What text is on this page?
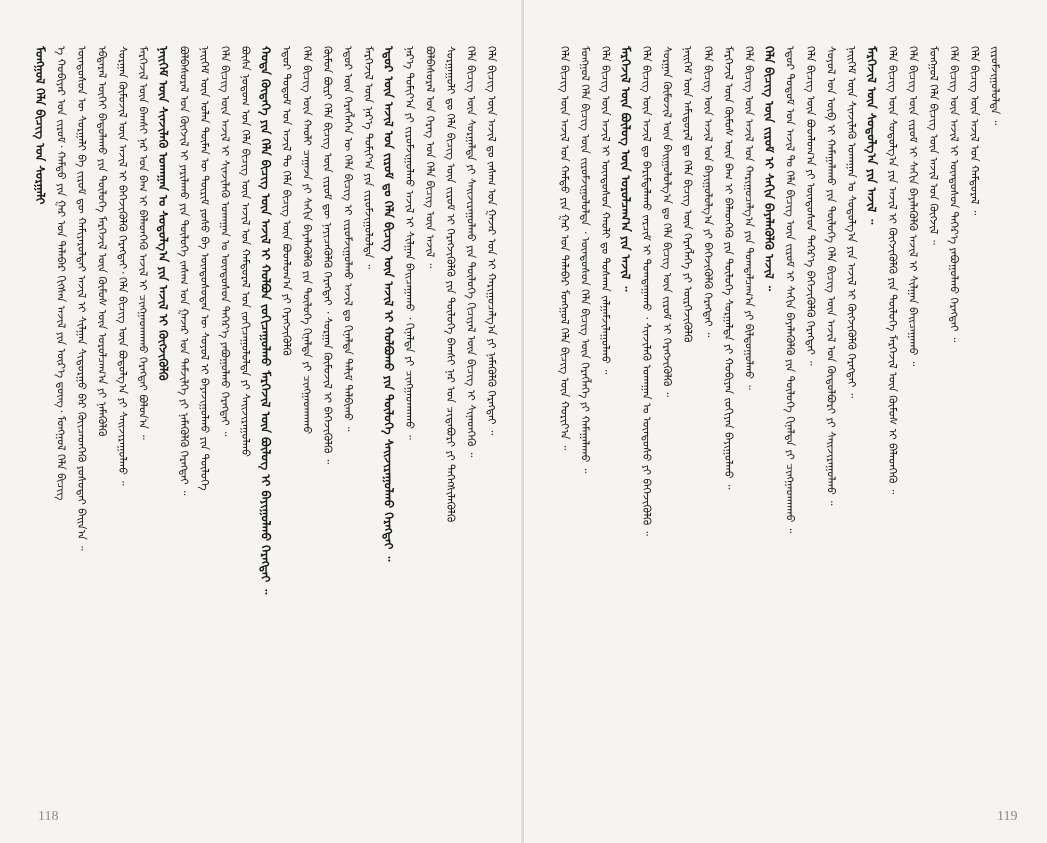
ᠮᠣᠩᠭᠣᠯ ᠬᠡᠯᠡ ᠪᠢᠴᠢᠭ᠌ ᠤᠨ ᠰᠤᠷᠭᠠᠯᠢ ᠡ ᠬᠤᠪᠢᠶᠠᠷ ᠤᠨ ᠵᠢᠷᠤᠮ᠂ ᠬᠠᠮᠲᠤ ᠶᠢᠨ ᠭᠠᠷ ᠤᠨ ᠲᠠᠯᠠᠪᠠᠷ ᠬᠢᠭᠰᠡᠨ ᠠᠵᠢᠯ ᠶᠢᠨ ᠦᠷ᠎ᠡ ᠳ᠋ᠦᠩ᠂ ᠮᠣᠩᠭᠣᠯ ᠬᠡᠯᠡ ᠪᠢᠴᠢᠭ ᠦᠨᠳᠦᠰᠦᠨ ᠦ ᠰᠤᠷᠭᠠᠯᠢ ᠪᠠ ᠵᠢᠷᠤᠮ ᠳᠦ ᠬᠠᠮᠢᠶᠠᠷᠤᠯᠲᠠᠢ ᠠᠵᠢᠯ ᠢ ᠰᠢᠯᠭᠠᠨ ᠰᠢᠳᠤᠷᠭᠤ ᠪᠡᠷ ᠭᠦᠢᠴᠡᠳᠬᠡᠬᠦ ᠶᠣᠰᠤᠲᠠᠢ ᠪᠠᠢᠨ᠎ᠠ ᠃ ᠡᠪᠳᠡᠷᠡᠯ ᠦᠭᠡᠢ ᠪᠠᠲᠤᠯᠠᠬᠤ ᠶᠢᠨ ᠲᠥᠯᠥᠭᠡ ᠮᠡᠷᠭᠡᠵᠢᠯ ᠦᠨ ᠬᠦᠮᠦᠰ ᠦᠨ ᠣᠷᠤᠯᠴᠠᠭ᠎ᠠ ᠶᠢ ᠨᠡᠮᠡᠭᠦᠯᠬᠦ ᠰᠤᠷᠭᠠᠨ ᠬᠦᠮᠦᠵᠢᠯ ᠦᠨ ᠠᠵᠢᠯ ᠢ ᠪᠡᠬᠡᠵᠢᠭᠦᠯᠬᠦ ᠬᠡᠷᠡᠭᠲᠡᠢ᠂ ᠬᠡᠯᠡ ᠪᠢᠴᠢᠭ ᠦᠨ ᠪᠤᠳᠤᠯᠭ᠎ᠠ ᠶᠢ ᠰᠠᠢᠵᠢᠷᠠᠭᠤᠯᠬᠤ ᠃ ᠮᠡᠷᠭᠡᠵᠢᠯ ᠦᠨ ᠪᠠᠭᠰᠢ ᠨᠠᠷ ᠤᠨ ᠪᠠᠭ ᠢ ᠪᠡᠯᠡᠳᠬᠡᠬᠦ ᠠᠵᠢᠯ ᠢ ᠴᠢᠩᠭᠠᠳᠬᠠᠬᠤ ᠬᠡᠷᠡᠭᠲᠡᠢ ᠪᠣᠯᠤᠨ᠎ᠠ ᠃ ᠨᠡᠢᠭᠡᠮ ᠦᠨ ᠰᠢᠨᠵᠢᠯᠡᠬᠦ ᠤᠬᠠᠭᠠᠨ ᠤ ᠰᠤᠳᠤᠯᠭ᠎ᠠ ᠶᠢᠨ ᠠᠵᠢᠯ ᠢ ᠬᠥᠭᠵᠢᠭᠦᠯᠬᠦ ᠪᠣᠯᠪᠠᠰᠤᠷᠠᠯ ᠤᠨ ᠬᠥᠭᠵᠢᠯ ᠢ ᠶᠠᠷᠢᠯᠠᠬᠤ ᠶᠢᠨ ᠲᠥᠯᠥᠭᠡ ᠵᠠᠰᠠᠭ ᠤᠨ ᠭᠠᠵᠠᠷ ᠤᠨ ᠳᠡᠮᠵᠢᠯᠭᠡ ᠶᠢ ᠨᠡᠮᠡᠭᠦᠯᠬᠦ ᠬᠡᠷᠡᠭᠲᠡᠢ ᠃ ᠨᠡᠢᠭᠡᠮ ᠦᠨ ᠣᠯᠠᠨ ᠲᠦᠮᠡᠨ ᠦ ᠳᠦᠷᠢᠮ ᠶᠣᠰᠤ ᠪᠠ ᠦᠨᠳᠦᠰᠦᠲᠡᠨ ᠦ ᠰᠣᠶᠣᠯ ᠢ ᠪᠠᠶᠠᠵᠢᠭᠤᠯᠬᠤ ᠶᠢᠨ ᠲᠥᠯᠥᠭᠡ ᠬᠡᠯᠡ ᠪᠢᠴᠢᠭ ᠦᠨ ᠠᠵᠢᠯ ᠢ ᠰᠢᠨᠵᠢᠯᠡᠬᠦ ᠤᠬᠠᠭᠠᠨ ᠤ ᠦᠨᠳᠦᠰᠦᠨ ᠳᠡᠭᠡᠷ᠎ᠡ ᠶᠠᠪᠤᠭᠤᠯᠬᠤ ᠬᠡᠷᠡᠭᠲᠡᠢ ᠃ ᠪᠦᠰᠡ ᠨᠤᠲᠤᠭ ᠤᠨ ᠬᠡᠯᠡ ᠪᠢᠴᠢᠭ ᠦᠨ ᠠᠵᠢᠯ ᠤᠨ ᠬᠠᠮᠲᠤᠷᠠᠯ ᠤᠨ ᠵᠣᠬᠢᠴᠠᠭᠤᠯᠤᠯᠲᠠ ᠶᠢ ᠰᠠᠢᠵᠢᠷᠠᠭᠤᠯᠬᠤ ᠬᠣᠲᠠ ᠬᠦᠳᠡᠭᠡ ᠶᠢᠨ ᠬᠡᠯᠡ ᠪᠢᠴᠢᠭ ᠦᠨ ᠠᠵᠢᠯ ᠢ ᠬᠣᠯᠪᠣᠨ ᠵᠣᠬᠢᠴᠠᠭᠤᠯᠬᠤ ᠮᠡᠷᠭᠡᠵᠢᠯ ᠦᠨ ᠪᠦᠯᠦᠭ ᠢ ᠪᠠᠶᠢᠭᠤᠯᠬᠤ ᠬᠡᠷᠡᠭᠲᠡᠢ ᠃ ᠡᠳ᠋ᠦᠷ ᠲᠤᠲᠤᠮ ᠤᠨ ᠠᠵᠢᠯ ᠲᠤ ᠬᠡᠯᠡ ᠪᠢᠴᠢᠭ ᠦᠨ ᠪᠣᠳᠯᠣᠭ᠎ᠠ ᠶᠢ ᠬᠡᠷᠡᠭᠵᠢᠭᠦᠯᠬᠦ ᠬᠡᠯᠡ ᠪᠢᠴᠢᠭ ᠦᠨ ᠬᠠᠤᠯᠢ ᠴᠠᠭᠠᠵᠠ ᠶᠢ ᠰᠠᠬᠢᠨ ᠪᠡᠶᠡᠯᠡᠭᠦᠯᠬᠦ ᠶᠢᠨ ᠲᠥᠯᠥᠭᠡ ᠬᠢᠨᠠᠯᠲᠠ ᠶᠢ ᠴᠢᠩᠭᠠᠳᠬᠠᠬᠤ ᠬᠦᠮᠦᠨ ᠪᠦᠷᠢ ᠬᠡᠯᠡ ᠪᠢᠴᠢᠭ ᠦᠨ ᠵᠢᠷᠤᠮ ᠳᠦ ᠨᠡᠶᠢᠴᠡᠭᠦᠯᠬᠦ ᠬᠡᠷᠡᠭᠲᠡᠢ ᠂ ᠰᠤᠷᠭᠠᠨ ᠬᠦᠮᠦᠵᠢᠯ ᠢ ᠪᠡᠬᠡᠵᠢᠭᠦᠯᠬᠦ ᠃ ᠡᠳ᠋ᠦᠷ ᠦᠨ ᠬᠡᠷᠡᠭᠯᠡᠭᠡᠨ ᠦ ᠬᠡᠯᠡ ᠪᠢᠴᠢᠭ ᠢ ᠵᠢᠷᠤᠮᠵᠢᠭᠤᠯᠬᠤ ᠠᠵᠢᠯ ᠳᠤ ᠬᠢᠨᠠᠯᠲᠠ ᠳᠠᠯᠢᠮ ᠲᠠᠯᠪᠢᠬᠤ ᠃ ᠮᠡᠷᠭᠡᠵᠢᠯ ᠦᠨ ᠨᠡᠷ᠎ᠡ ᠲᠣᠮᠢᠶ᠎ᠠ ᠶᠢᠨ ᠵᠢᠷᠤᠮᠵᠢᠭᠤᠯᠤᠯᠲᠠ ᠃ ᠡᠳ᠋ᠦᠷ ᠦᠨ ᠠᠵᠢᠯ ᠤᠨ ᠵᠢᠷᠤᠮ ᠳᠤ ᠬᠡᠯᠡ ᠪᠢᠴᠢᠭ ᠦᠨ ᠠᠵᠢᠯ ᠢ ᠬᠣᠯᠪᠣᠬᠤ ᠶᠢᠨ ᠲᠥᠯᠥᠭᠡ ᠰᠠᠢᠵᠢᠷᠠᠭᠤᠯᠬᠤ ᠬᠡᠷᠡᠭᠲᠡᠢ ᠃ ᠨᠡᠷ᠎ᠡ ᠲᠣᠮᠢᠶ᠎ᠠ ᠶᠢ ᠵᠢᠷᠤᠮᠵᠢᠭᠤᠯᠬᠤ ᠠᠵᠢᠯ ᠢ ᠰᠢᠯᠭᠠᠨ ᠪᠠᠢᠴᠠᠭᠠᠬᠤ ᠂ ᠬᠢᠨᠠᠯᠲᠠ ᠶᠢ ᠴᠢᠩᠭᠠᠳᠬᠠᠬᠤ ᠃ ᠪᠣᠯᠪᠠᠰᠤᠷᠠᠯ ᠤᠨ ᠬᠡᠷᠡᠭ ᠤᠨ ᠬᠡᠯᠡ ᠪᠢᠴᠢᠭ ᠦᠨ ᠠᠵᠢᠯ ᠃ ᠰᠤᠷᠭᠠᠭᠤᠯᠢ ᠳᠤ ᠬᠡᠯᠡ ᠪᠢᠴᠢᠭ ᠦᠨ ᠵᠢᠷᠤᠮ ᠢ ᠬᠡᠷᠡᠭᠵᠢᠭᠦᠯᠬᠦ ᠶᠢᠨ ᠲᠥᠯᠥᠭᠡ ᠪᠠᠭᠰᠢ ᠨᠠᠷ ᠤᠨ ᠴᠢᠳᠠᠪᠤᠷᠢ ᠶᠢ ᠳᠡᠭᠡᠭᠰᠢᠯᠡᠭᠦᠯᠬᠦ ᠬᠡᠯᠡ ᠪᠢᠴᠢᠭ ᠦᠨ ᠰᠤᠷᠭᠠᠯᠲᠠ ᠶᠢ ᠰᠠᠢᠵᠢᠷᠠᠭᠤᠯᠬᠤ ᠶᠢᠨ ᠲᠥᠯᠥᠭᠡ ᠬᠢᠴᠢᠶᠡᠯ ᠦᠨ ᠪᠢᠴᠢᠭ ᠢ ᠰᠢᠨᠡᠳᠬᠡᠬᠦ ᠃ ᠬᠡᠯᠡ ᠪᠢᠴᠢᠭ ᠦᠨ ᠠᠵᠢᠯ ᠳᠤ ᠵᠠᠰᠠᠭ ᠤᠨ ᠭᠠᠵᠠᠷ ᠤᠨ ᠢ ᠬᠠᠷᠢᠭᠤᠴᠠᠯᠭ᠎ᠠ ᠶᠢ ᠨᠡᠮᠡᠭᠦᠯᠬᠦ ᠬᠡᠷᠡᠭᠲᠡᠢ ᠃
118
ᠬᠡᠯᠡ ᠪᠢᠴᠢᠭ ᠦᠨ ᠠᠵᠢᠯ ᠤᠨ ᠬᠠᠮᠲᠤ ᠶᠢᠨ ᠭᠠᠷ ᠤᠨ ᠲᠠᠯᠠᠪᠠᠷ ᠮᠣᠩᠭᠣᠯ ᠬᠡᠯᠡ ᠪᠢᠴᠢᠭ ᠦᠨ ᠬᠣᠷᠢᠶ᠎ᠠ ᠃ ᠮᠣᠩᠭᠣᠯ ᠬᠡᠯᠡ ᠪᠢᠴᠢᠭ ᠦᠨ ᠵᠢᠷᠤᠮᠵᠢᠭᠤᠯᠤᠯᠲᠠ ᠂ ᠦᠨᠳᠦᠰᠦᠨ ᠬᠡᠯᠡ ᠪᠢᠴᠢᠭ ᠦᠨ ᠬᠡᠷᠡᠭᠯᠡᠭᠡ ᠶᠢ ᠬᠠᠮᠠᠭᠠᠯᠠᠬᠤ ᠃ ᠬᠡᠯᠡ ᠪᠢᠴᠢᠭ ᠦᠨ ᠠᠵᠢᠯ ᠢ ᠦᠨᠳᠦᠰᠦᠨ ᠬᠠᠤᠯᠢ ᠳᠤ ᠲᠤᠰᠬᠠᠨ ᠵᠠᠯᠭᠠᠮᠵᠢᠯᠠᠭᠤᠯᠬᠤ ᠃ ᠮᠡᠷᠭᠡᠵᠢᠯ ᠦᠨ ᠪᠦᠯᠦᠭ ᠦᠨ ᠣᠷᠤᠯᠴᠠᠭ᠎ᠠ ᠶᠢᠨ ᠠᠵᠢᠯ ᠃ ᠬᠡᠯᠡ ᠪᠢᠴᠢᠭ ᠦᠨ ᠠᠵᠢᠯ ᠳᠤ ᠪᠠᠷᠢᠮᠲᠠᠯᠠᠬᠤ ᠵᠠᠷᠴᠢᠮ ᠢ ᠲᠣᠭᠲᠠᠭᠠᠬᠤ ᠂ ᠰᠢᠨᠵᠢᠯᠡᠬᠦ ᠤᠬᠠᠭᠠᠨ ᠤ ᠦᠨᠳᠦᠰᠦ ᠶᠢ ᠪᠡᠬᠡᠵᠢᠭᠦᠯᠬᠦ ᠃ ᠰᠤᠷᠭᠠᠨ ᠬᠦᠮᠦᠵᠢᠯ ᠦᠨ ᠪᠠᠢᠭᠤᠯᠤᠯᠭ᠎ᠠ ᠳᠤ ᠬᠡᠯᠡ ᠪᠢᠴᠢᠭ ᠦᠨ ᠵᠢᠷᠤᠮ ᠢ ᠬᠡᠷᠡᠭᠵᠢᠭᠦᠯᠬᠦ ᠃ ᠨᠡᠢᠭᠡᠮ ᠦᠨ ᠠᠮᠢᠳᠤᠷᠠᠯ ᠳᠤ ᠬᠡᠯᠡ ᠪᠢᠴᠢᠭ ᠦᠨ ᠬᠡᠷᠡᠭᠯᠡᠭᠡ ᠶᠢ ᠥᠷᠭᠡᠵᠢᠭᠦᠯᠬᠦ ᠬᠡᠯᠡ ᠪᠢᠴᠢᠭ ᠦᠨ ᠠᠵᠢᠯ ᠤᠨ ᠪᠠᠶᠢᠭᠤᠯᠤᠯᠭ᠎ᠠ ᠶᠢ ᠪᠡᠬᠡᠵᠢᠭᠦᠯᠬᠦ ᠬᠡᠷᠡᠭᠲᠡᠢ ᠃ ᠮᠡᠷᠭᠡᠵᠢᠯ ᠦᠨ ᠬᠦᠮᠦᠰ ᠦᠨ ᠪᠠᠭ ᠢ ᠪᠡᠯᠡᠳᠬᠡᠬᠦ ᠶᠢᠨ ᠲᠥᠯᠥᠭᠡ ᠰᠤᠷᠭᠠᠯᠲᠠ ᠶᠢ ᠬᠤᠪᠢᠶᠠᠨ ᠵᠣᠬᠢᠶᠠᠨ ᠪᠠᠶᠢᠭᠤᠯᠬᠤ ᠃ ᠬᠡᠯᠡ ᠪᠢᠴᠢᠭ ᠦᠨ ᠠᠵᠢᠯ ᠤᠨ ᠬᠠᠷᠢᠭᠤᠴᠠᠯᠭ᠎ᠠ ᠶᠢᠨ ᠲᠣᠭᠲᠠᠯᠴᠠᠭ᠎ᠠ ᠶᠢ ᠪᠢᠯᠳᠤᠭᠤᠯᠬᠤ ᠃ ᠬᠡᠯᠡ ᠪᠢᠴᠢᠭ ᠦᠨ ᠵᠢᠷᠤᠮ ᠢ ᠰᠠᠬᠢᠨ ᠪᠡᠶᠡᠯᠡᠭᠦᠯᠬᠦ ᠠᠵᠢᠯ ᠃ ᠡᠳ᠋ᠦᠷ ᠲᠤᠲᠤᠮ ᠤᠨ ᠠᠵᠢᠯ ᠲᠤ ᠬᠡᠯᠡ ᠪᠢᠴᠢᠭ ᠦᠨ ᠵᠢᠷᠤᠮ ᠢ ᠰᠠᠬᠢᠨ ᠪᠡᠶᠡᠯᠡᠭᠦᠯᠬᠦ ᠶᠢᠨ ᠲᠥᠯᠥᠭᠡ ᠬᠢᠨᠠᠯᠲᠠ ᠶᠢ ᠴᠢᠩᠭᠠᠳᠬᠠᠬᠤ ᠃ ᠬᠡᠯᠡ ᠪᠢᠴᠢᠭ ᠦᠨ ᠪᠣᠳᠯᠣᠭ᠎ᠠ ᠶᠢ ᠦᠨᠳᠦᠰᠦᠨ ᠳᠡᠭᠡᠷ᠎ᠡ ᠪᠡᠬᠡᠵᠢᠭᠦᠯᠬᠦ ᠬᠡᠷᠡᠭᠲᠡᠢ ᠃ ᠰᠣᠶᠣᠯ ᠤᠨ ᠥᠪ ᠢ ᠬᠠᠮᠠᠭᠠᠯᠠᠬᠤ ᠶᠢᠨ ᠲᠥᠯᠥᠭᠡ ᠬᠡᠯᠡ ᠪᠢᠴᠢᠭ ᠦᠨ ᠠᠵᠢᠯ ᠤᠨ ᠬᠥᠲᠥᠯᠪᠦᠷᠢ ᠶᠢ ᠰᠠᠢᠵᠢᠷᠠᠭᠤᠯᠬᠤ ᠃ ᠨᠡᠢᠭᠡᠮ ᠦᠨ ᠰᠢᠨᠵᠢᠯᠡᠬᠦ ᠤᠬᠠᠭᠠᠨ ᠤ ᠰᠤᠳᠤᠯᠭ᠎ᠠ ᠶᠢᠨ ᠠᠵᠢᠯ ᠢ ᠬᠥᠭᠵᠢᠭᠦᠯᠬᠦ ᠬᠡᠷᠡᠭᠲᠡᠢ ᠃ ᠮᠡᠷᠭᠡᠵᠢᠯ ᠦᠨ ᠰᠤᠳᠤᠯᠭ᠎ᠠ ᠶᠢᠨ ᠠᠵᠢᠯ ᠃ ᠬᠡᠯᠡ ᠪᠢᠴᠢᠭ ᠦᠨ ᠰᠤᠳᠤᠯᠭ᠎ᠠ ᠶᠢᠨ ᠠᠵᠢᠯ ᠢ ᠬᠥᠭᠵᠢᠭᠦᠯᠬᠦ ᠶᠢᠨ ᠲᠥᠯᠥᠭᠡ ᠮᠡᠷᠭᠡᠵᠢᠯ ᠦᠨ ᠬᠦᠮᠦᠰ ᠢ ᠪᠡᠯᠡᠳᠬᠡᠬᠦ ᠃ ᠬᠡᠯᠡ ᠪᠢᠴᠢᠭ ᠦᠨ ᠵᠢᠷᠤᠮ ᠢ ᠰᠠᠬᠢᠨ ᠪᠡᠶᠡᠯᠡᠭᠦᠯᠬᠦ ᠠᠵᠢᠯ ᠢ ᠰᠢᠯᠭᠠᠨ ᠪᠠᠢᠴᠠᠭᠠᠬᠤ ᠃ ᠮᠣᠩᠭᠣᠯ ᠬᠡᠯᠡ ᠪᠢᠴᠢᠭ ᠦᠨ ᠠᠵᠢᠯ ᠤᠨ ᠬᠥᠭᠵᠢᠯ ᠃ ᠬᠡᠯᠡ ᠪᠢᠴᠢᠭ ᠦᠨ ᠠᠵᠢᠯ ᠢ ᠦᠨᠳᠦᠰᠦᠨ ᠳᠡᠭᠡᠷ᠎ᠡ ᠶᠠᠪᠤᠭᠤᠯᠬᠤ ᠬᠡᠷᠡᠭᠲᠡᠢ ᠃ ᠬᠡᠯᠡ ᠪᠢᠴᠢᠭ ᠦᠨ ᠠᠵᠢᠯ ᠤᠨ ᠬᠠᠮᠲᠤᠷᠠᠯ ᠃ ᠵᠢᠷᠤᠮᠵᠢᠭᠤᠯᠤᠯᠲᠠ ᠃
119
